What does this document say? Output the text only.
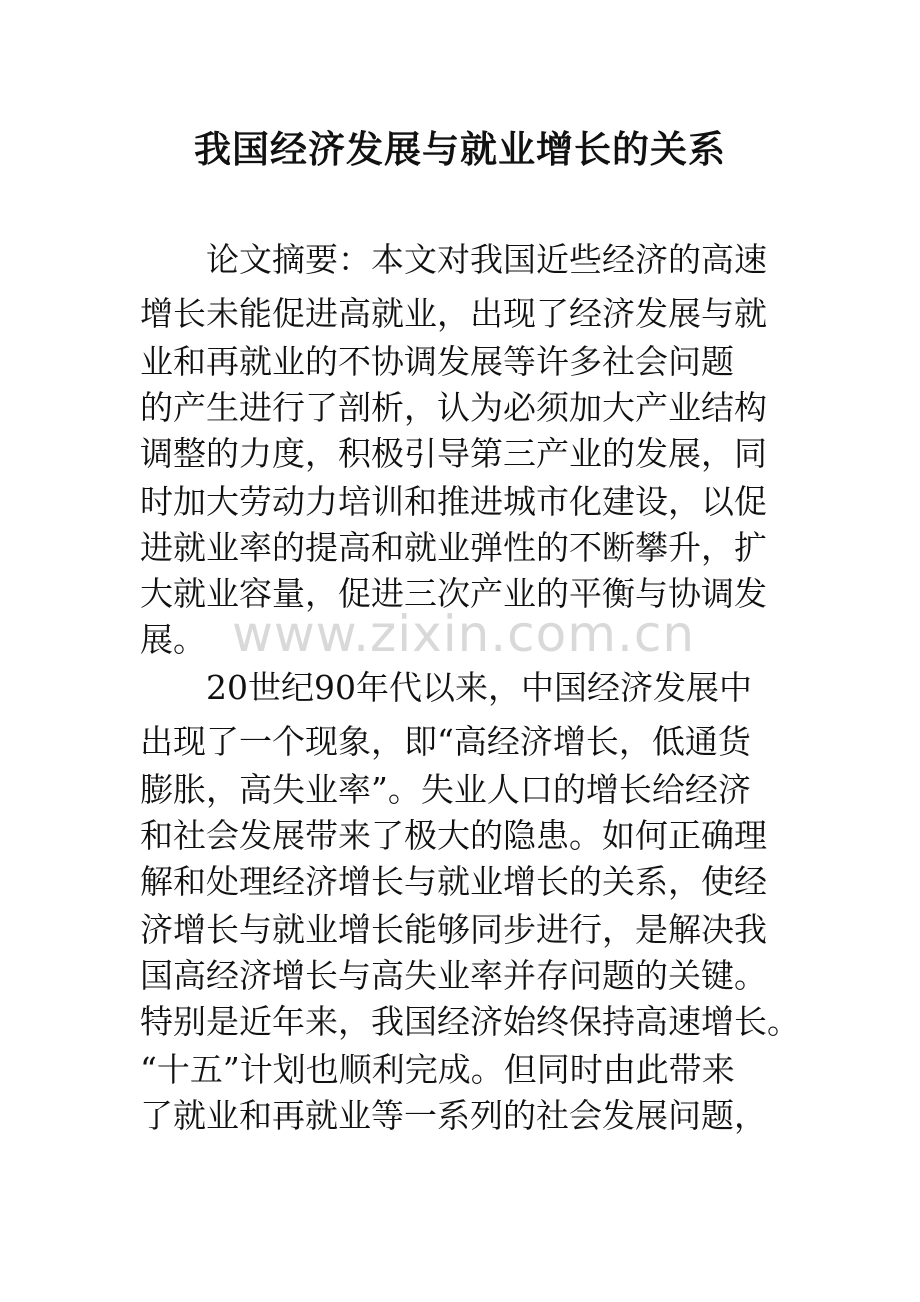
我国经济发展与就业增长的关系
www.zixin.com.cn

　　论文摘要：本文对我国近些经济的高速

增长未能促进高就业，出现了经济发展与就

业和再就业的不协调发展等许多社会问题

的产生进行了剖析，认为必须加大产业结构

调整的力度，积极引导第三产业的发展，同

时加大劳动力培训和推进城市化建设，以促

进就业率的提高和就业弹性的不断攀升，扩

大就业容量，促进三次产业的平衡与协调发

展。

　　20世纪90年代以来，中国经济发展中

出现了一个现象，即“高经济增长，低通货

膨胀，高失业率”。失业人口的增长给经济

和社会发展带来了极大的隐患。如何正确理

解和处理经济增长与就业增长的关系，使经

济增长与就业增长能够同步进行，是解决我

国高经济增长与高失业率并存问题的关键。

特别是近年来，我国经济始终保持高速增长。

“十五”计划也顺利完成。但同时由此带来

了就业和再就业等一系列的社会发展问题，
